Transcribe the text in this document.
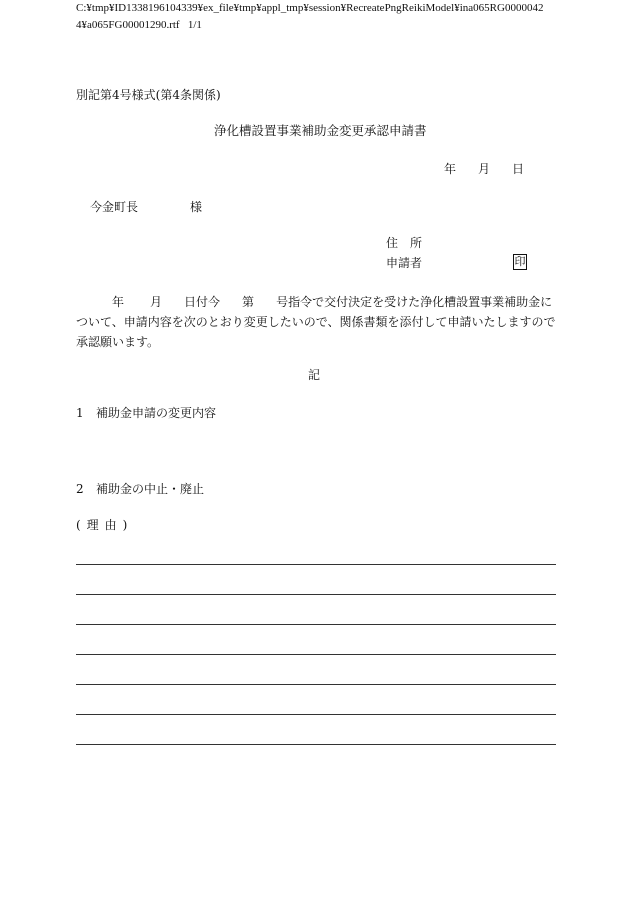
C:¥tmp¥ID1338196104339¥ex_file¥tmp¥appl_tmp¥session¥RecreatePngReikiModel¥ina065RG0000042
4¥a065FG00001290.rtf 1/1
別記第4号様式(第4条関係)
浄化槽設置事業補助金変更承認申請書
年 月 日
今金町長	様
住　所
申請者	印
年 月 日付今 第 号指令で交付決定を受けた浄化槽設置事業補助金に
ついて、申請内容を次のとおり変更したいので、関係書類を添付して申請いたしますので承認願います。
記
1 補助金申請の変更内容
2 補助金の中止・廃止
(理由)
